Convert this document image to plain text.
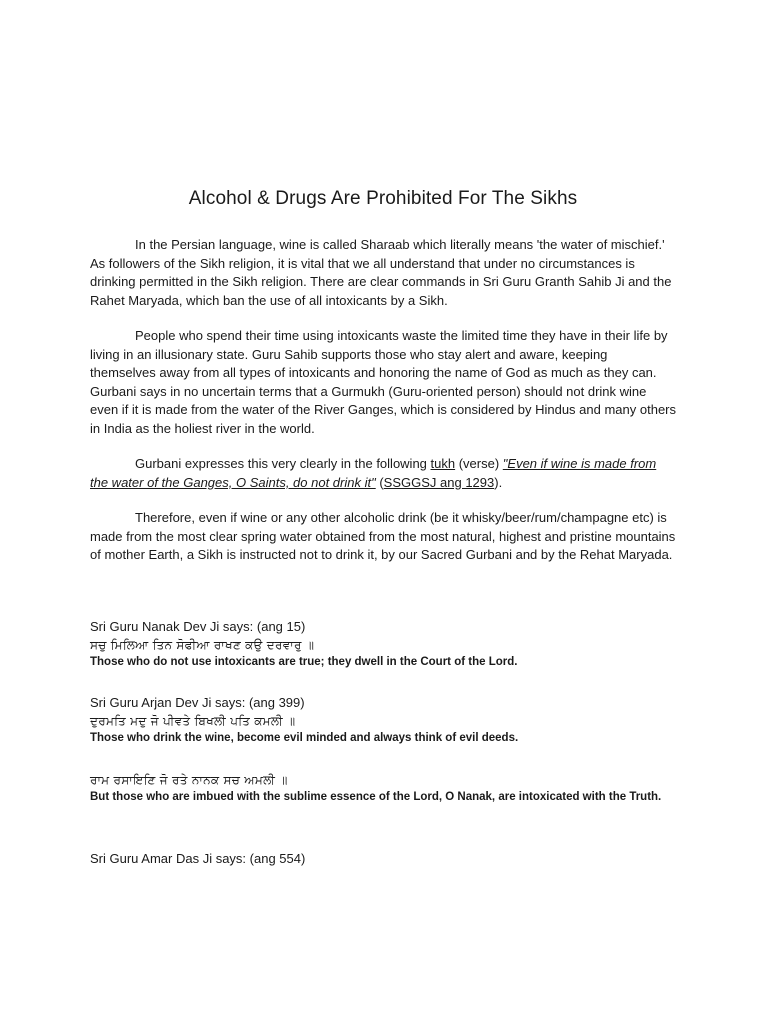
Alcohol & Drugs Are Prohibited For The Sikhs

In the Persian language, wine is called Sharaab which literally means 'the water of mischief.' As followers of the Sikh religion, it is vital that we all understand that under no circumstances is drinking permitted in the Sikh religion. There are clear commands in Sri Guru Granth Sahib Ji and the Rahet Maryada, which ban the use of all intoxicants by a Sikh.

People who spend their time using intoxicants waste the limited time they have in their life by living in an illusionary state. Guru Sahib supports those who stay alert and aware, keeping themselves away from all types of intoxicants and honoring the name of God as much as they can. Gurbani says in no uncertain terms that a Gurmukh (Guru-oriented person) should not drink wine even if it is made from the water of the River Ganges, which is considered by Hindus and many others in India as the holiest river in the world.

Gurbani expresses this very clearly in the following tukh (verse) "Even if wine is made from the water of the Ganges, O Saints, do not drink it" (SSGGSJ ang 1293).

Therefore, even if wine or any other alcoholic drink (be it whisky/beer/rum/champagne etc) is made from the most clear spring water obtained from the most natural, highest and pristine mountains of mother Earth, a Sikh is instructed not to drink it, by our Sacred Gurbani and by the Rehat Maryada.

Sri Guru Nanak Dev Ji says: (ang 15)

ਸਚੁ ਮਿਲਿਆ ਤਿਨ ਸੋਫੀਆ ਰਾਖਣ ਕਉ ਦਰਵਾਰੁ ॥

Those who do not use intoxicants are true; they dwell in the Court of the Lord.

Sri Guru Arjan Dev Ji says: (ang 399)

ਦੁਰਮਤਿ ਮਦੁ ਜੋ ਪੀਵਤੇ ਬਿਖਲੀ ਪਤਿ ਕਮਲੀ ॥

Those who drink the wine, become evil minded and always think of evil deeds.

ਰਾਮ ਰਸਾਇਣਿ ਜੋ ਰਤੇ ਨਾਨਕ ਸਚ ਅਮਲੀ ॥

But those who are imbued with the sublime essence of the Lord, O Nanak, are intoxicated with the Truth.

Sri Guru Amar Das Ji says: (ang 554)
